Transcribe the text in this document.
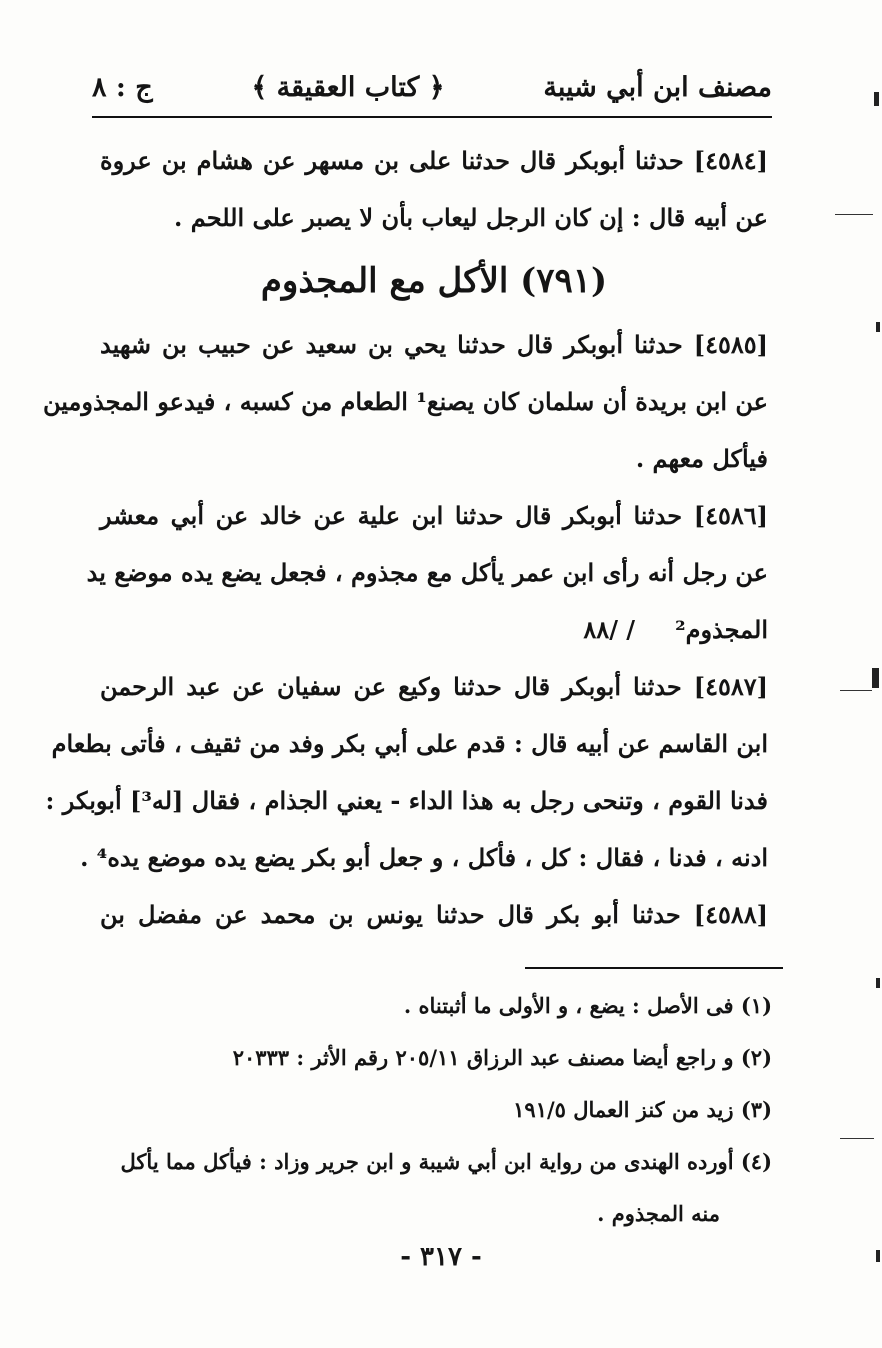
مصنف ابن أبي شيبة
﴿ كتاب العقيقة ﴾
ج : ٨
[٤٥٨٤] حدثنا أبوبكر قال حدثنا على بن مسهر عن هشام بن عروة
عن أبيه قال : إن كان الرجل ليعاب بأن لا يصبر على اللحم .
(٧٩١) الأكل مع المجذوم
[٤٥٨٥] حدثنا أبوبكر قال حدثنا يحي بن سعيد عن حبيب بن شهيد
عن ابن بريدة أن سلمان كان يصنع¹ الطعام من كسبه ، فيدعو المجذومين
فيأكل معهم .
[٤٥٨٦] حدثنا أبوبكر قال حدثنا ابن علية عن خالد عن أبي معشر
عن رجل أنه رأى ابن عمر يأكل مع مجذوم ، فجعل يضع يده موضع يد
المجذوم²
٨٨/ /
[٤٥٨٧] حدثنا أبوبكر قال حدثنا وكيع عن سفيان عن عبد الرحمن
ابن القاسم عن أبيه قال : قدم على أبي بكر وفد من ثقيف ، فأتى بطعام
فدنا القوم ، وتنحى رجل به هذا الداء - يعني الجذام ، فقال [له³] أبوبكر :
ادنه ، فدنا ، فقال : كل ، فأكل ، و جعل أبو بكر يضع يده موضع يده⁴ .
[٤٥٨٨] حدثنا أبو بكر قال حدثنا يونس بن محمد عن مفضل بن
(١) فى الأصل : يضع ، و الأولى ما أثبتناه .
(٢) و راجع أيضا مصنف عبد الرزاق ٢٠٥/١١ رقم الأثر : ٢٠٣٣٣
(٣) زيد من كنز العمال ١٩١/٥
(٤) أورده الهندى من رواية ابن أبي شيبة و ابن جرير وزاد : فيأكل مما يأكل
منه المجذوم .
- ٣١٧ -
